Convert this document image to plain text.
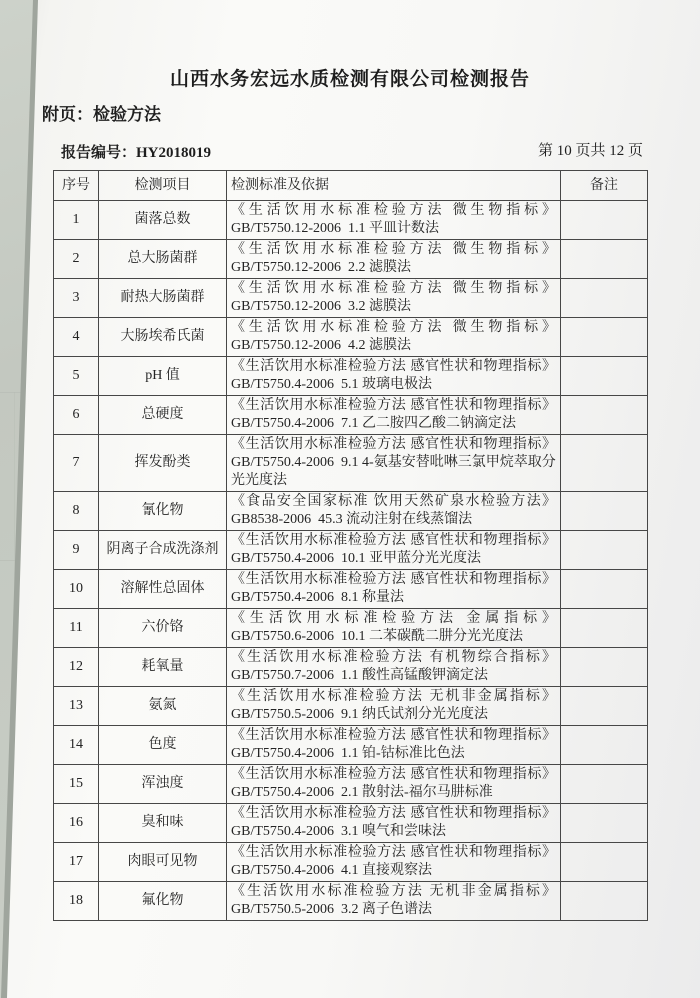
山西水务宏远水质检测有限公司检测报告
附页：检验方法
报告编号：HY2018019	第 10 页共 12 页
序号	检测项目	检测标准及依据	备注
1	菌落总数	《生活饮用水标准检验方法 微生物指标》
GB/T5750.12-2006  1.1 平皿计数法	

2	总大肠菌群	《生活饮用水标准检验方法 微生物指标》
GB/T5750.12-2006  2.2 滤膜法	

3	耐热大肠菌群	《生活饮用水标准检验方法 微生物指标》
GB/T5750.12-2006  3.2 滤膜法	

4	大肠埃希氏菌	《生活饮用水标准检验方法 微生物指标》
GB/T5750.12-2006  4.2 滤膜法	

5	pH 值	《生活饮用水标准检验方法 感官性状和物理指标》
GB/T5750.4-2006  5.1 玻璃电极法	

6	总硬度	《生活饮用水标准检验方法 感官性状和物理指标》
GB/T5750.4-2006  7.1 乙二胺四乙酸二钠滴定法	

7	挥发酚类	《生活饮用水标准检验方法 感官性状和物理指标》
GB/T5750.4-2006  9.1 4-氨基安替吡啉三氯甲烷萃取分光光度法	

8	氰化物	《食品安全国家标准 饮用天然矿泉水检验方法》
GB8538-2006  45.3 流动注射在线蒸馏法	

9	阴离子合成洗涤剂	《生活饮用水标准检验方法 感官性状和物理指标》
GB/T5750.4-2006  10.1 亚甲蓝分光光度法	

10	溶解性总固体	《生活饮用水标准检验方法 感官性状和物理指标》
GB/T5750.4-2006  8.1 称量法	

11	六价铬	《生活饮用水标准检验方法 金属指标》
GB/T5750.6-2006  10.1 二苯碳酰二肼分光光度法	

12	耗氧量	《生活饮用水标准检验方法 有机物综合指标》
GB/T5750.7-2006  1.1 酸性高锰酸钾滴定法	

13	氨氮	《生活饮用水标准检验方法 无机非金属指标》
GB/T5750.5-2006  9.1 纳氏试剂分光光度法	

14	色度	《生活饮用水标准检验方法 感官性状和物理指标》
GB/T5750.4-2006  1.1 铂-钴标准比色法	

15	浑浊度	《生活饮用水标准检验方法 感官性状和物理指标》
GB/T5750.4-2006  2.1 散射法-福尔马肼标准	

16	臭和味	《生活饮用水标准检验方法 感官性状和物理指标》
GB/T5750.4-2006  3.1 嗅气和尝味法	

17	肉眼可见物	《生活饮用水标准检验方法 感官性状和物理指标》
GB/T5750.4-2006  4.1 直接观察法	

18	氟化物	《生活饮用水标准检验方法 无机非金属指标》
GB/T5750.5-2006  3.2 离子色谱法	
